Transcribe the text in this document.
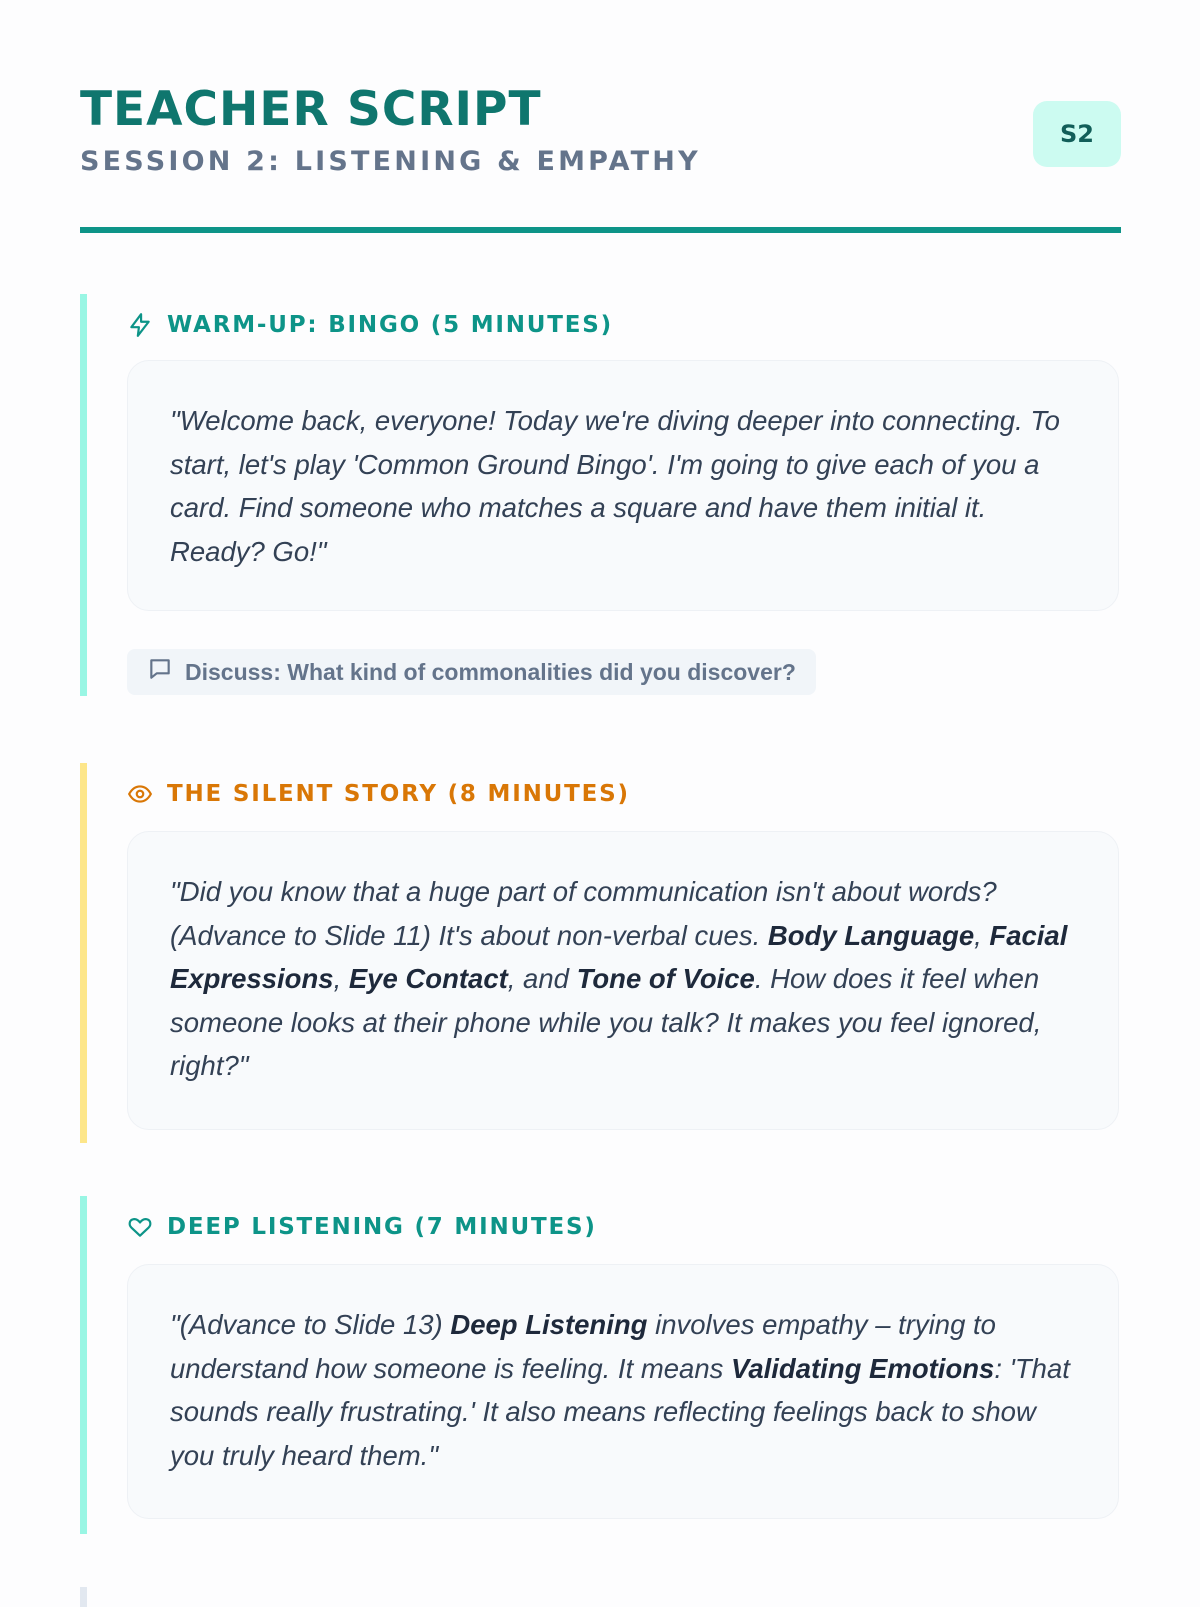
TEACHER SCRIPT
SESSION 2: LISTENING & EMPATHY
S2
WARM-UP: BINGO (5 MINUTES)

"Welcome back, everyone! Today we're diving deeper into connecting. To start, let's play 'Common Ground Bingo'. I'm going to give each of you a card. Find someone who matches a square and have them initial it. Ready? Go!"

Discuss: What kind of commonalities did you discover?
THE SILENT STORY (8 MINUTES)

"Did you know that a huge part of communication isn't about words? (Advance to Slide 11) It's about non-verbal cues. Body Language, Facial Expressions, Eye Contact, and Tone of Voice. How does it feel when someone looks at their phone while you talk? It makes you feel ignored, right?"

DEEP LISTENING (7 MINUTES)

"(Advance to Slide 13) Deep Listening involves empathy – trying to understand how someone is feeling. It means Validating Emotions: 'That sounds really frustrating.' It also means reflecting feelings back to show you truly heard them."
